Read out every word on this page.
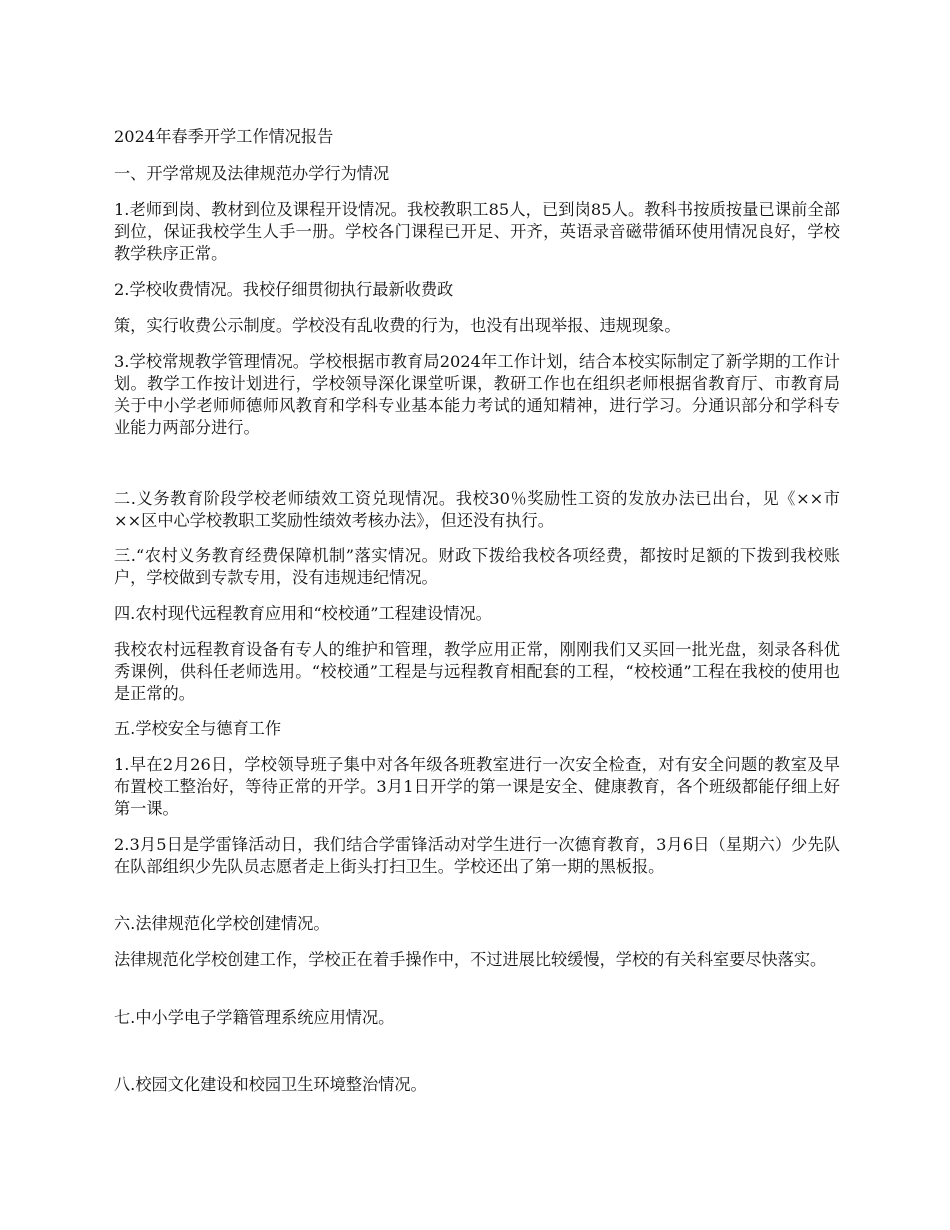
2024年春季开学工作情况报告

一、开学常规及法律规范办学行为情况

1.老师到岗、教材到位及课程开设情况。我校教职工85人，已到岗85人。教科书按质按量已课前全部到位，保证我校学生人手一册。学校各门课程已开足、开齐，英语录音磁带循环使用情况良好，学校教学秩序正常。

2.学校收费情况。我校仔细贯彻执行最新收费政

策，实行收费公示制度。学校没有乱收费的行为，也没有出现举报、违规现象。

3.学校常规教学管理情况。学校根据市教育局2024年工作计划，结合本校实际制定了新学期的工作计划。教学工作按计划进行，学校领导深化课堂听课，教研工作也在组织老师根据省教育厅、市教育局关于中小学老师师德师风教育和学科专业基本能力考试的通知精神，进行学习。分通识部分和学科专业能力两部分进行。

二.义务教育阶段学校老师绩效工资兑现情况。我校30％奖励性工资的发放办法已出台，见《××市××区中心学校教职工奖励性绩效考核办法》，但还没有执行。

三.“农村义务教育经费保障机制”落实情况。财政下拨给我校各项经费，都按时足额的下拨到我校账户，学校做到专款专用，没有违规违纪情况。

四.农村现代远程教育应用和“校校通”工程建设情况。

我校农村远程教育设备有专人的维护和管理，教学应用正常，刚刚我们又买回一批光盘，刻录各科优秀课例，供科任老师选用。“校校通”工程是与远程教育相配套的工程，“校校通”工程在我校的使用也是正常的。

五.学校安全与德育工作

1.早在2月26日，学校领导班子集中对各年级各班教室进行一次安全检查，对有安全问题的教室及早布置校工整治好，等待正常的开学。3月1日开学的第一课是安全、健康教育，各个班级都能仔细上好第一课。

2.3月5日是学雷锋活动日，我们结合学雷锋活动对学生进行一次德育教育，3月6日（星期六）少先队在队部组织少先队员志愿者走上街头打扫卫生。学校还出了第一期的黑板报。

六.法律规范化学校创建情况。

法律规范化学校创建工作，学校正在着手操作中，不过进展比较缓慢，学校的有关科室要尽快落实。

七.中小学电子学籍管理系统应用情况。

八.校园文化建设和校园卫生环境整治情况。
